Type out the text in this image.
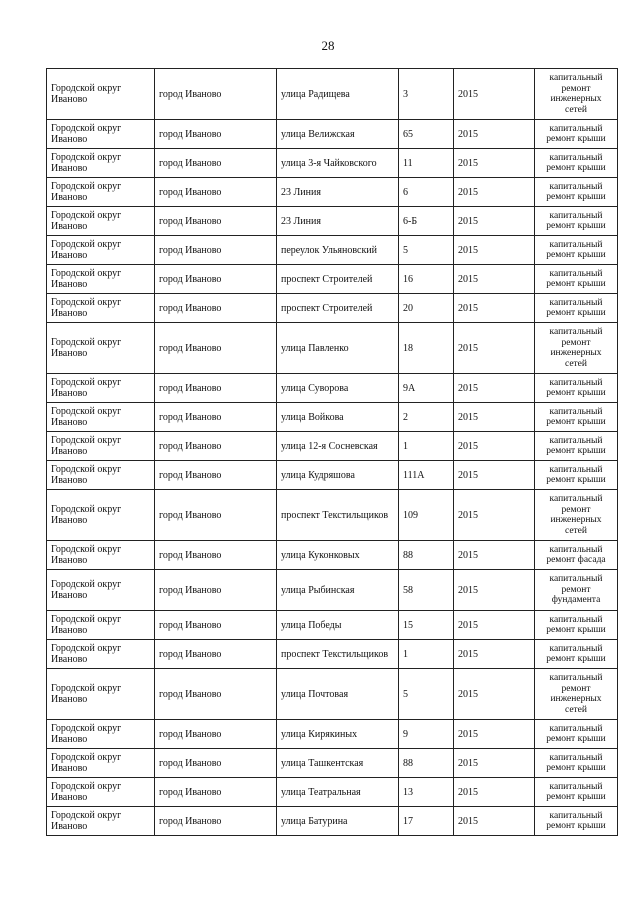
28
Городской округ Иваново	город Иваново	улица Радищева	3	2015	капитальный ремонт инженерных сетей
Городской округ Иваново	город Иваново	улица Велижская	65	2015	капитальный ремонт крыши
Городской округ Иваново	город Иваново	улица 3-я Чайковского	11	2015	капитальный ремонт крыши
Городской округ Иваново	город Иваново	23 Линия	6	2015	капитальный ремонт крыши
Городской округ Иваново	город Иваново	23 Линия	6-Б	2015	капитальный ремонт крыши
Городской округ Иваново	город Иваново	переулок Ульяновский	5	2015	капитальный ремонт крыши
Городской округ Иваново	город Иваново	проспект Строителей	16	2015	капитальный ремонт крыши
Городской округ Иваново	город Иваново	проспект Строителей	20	2015	капитальный ремонт крыши
Городской округ Иваново	город Иваново	улица Павленко	18	2015	капитальный ремонт инженерных сетей
Городской округ Иваново	город Иваново	улица Суворова	9А	2015	капитальный ремонт крыши
Городской округ Иваново	город Иваново	улица Войкова	2	2015	капитальный ремонт крыши
Городской округ Иваново	город Иваново	улица 12-я Сосневская	1	2015	капитальный ремонт крыши
Городской округ Иваново	город Иваново	улица Кудряшова	111А	2015	капитальный ремонт крыши
Городской округ Иваново	город Иваново	проспект Текстильщиков	109	2015	капитальный ремонт инженерных сетей
Городской округ Иваново	город Иваново	улица Куконковых	88	2015	капитальный ремонт фасада
Городской округ Иваново	город Иваново	улица Рыбинская	58	2015	капитальный ремонт фундамента
Городской округ Иваново	город Иваново	улица Победы	15	2015	капитальный ремонт крыши
Городской округ Иваново	город Иваново	проспект Текстильщиков	1	2015	капитальный ремонт крыши
Городской округ Иваново	город Иваново	улица Почтовая	5	2015	капитальный ремонт инженерных сетей
Городской округ Иваново	город Иваново	улица Кирякиных	9	2015	капитальный ремонт крыши
Городской округ Иваново	город Иваново	улица Ташкентская	88	2015	капитальный ремонт крыши
Городской округ Иваново	город Иваново	улица Театральная	13	2015	капитальный ремонт крыши
Городской округ Иваново	город Иваново	улица Батурина	17	2015	капитальный ремонт крыши
